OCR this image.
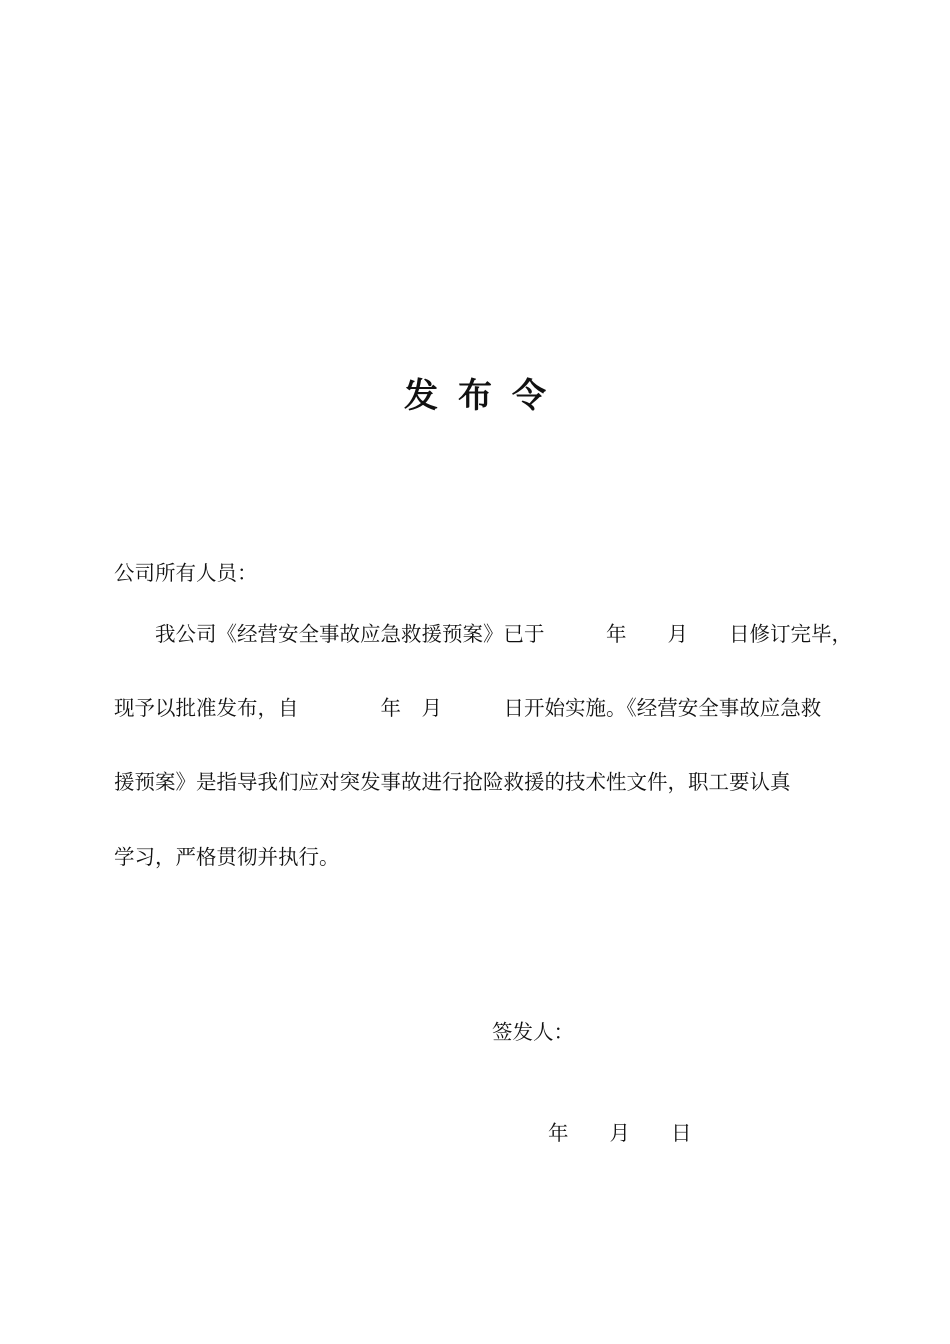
发 布 令
公司所有人员：
　　我公司《经营安全事故应急救援预案》已于　　　年　　月　　日修订完毕，
现予以批准发布，自　　　　年　月　　　日开始实施。《经营安全事故应急救
援预案》是指导我们应对突发事故进行抢险救援的技术性文件，职工要认真
学习，严格贯彻并执行。
签发人：
年　　月　　日
